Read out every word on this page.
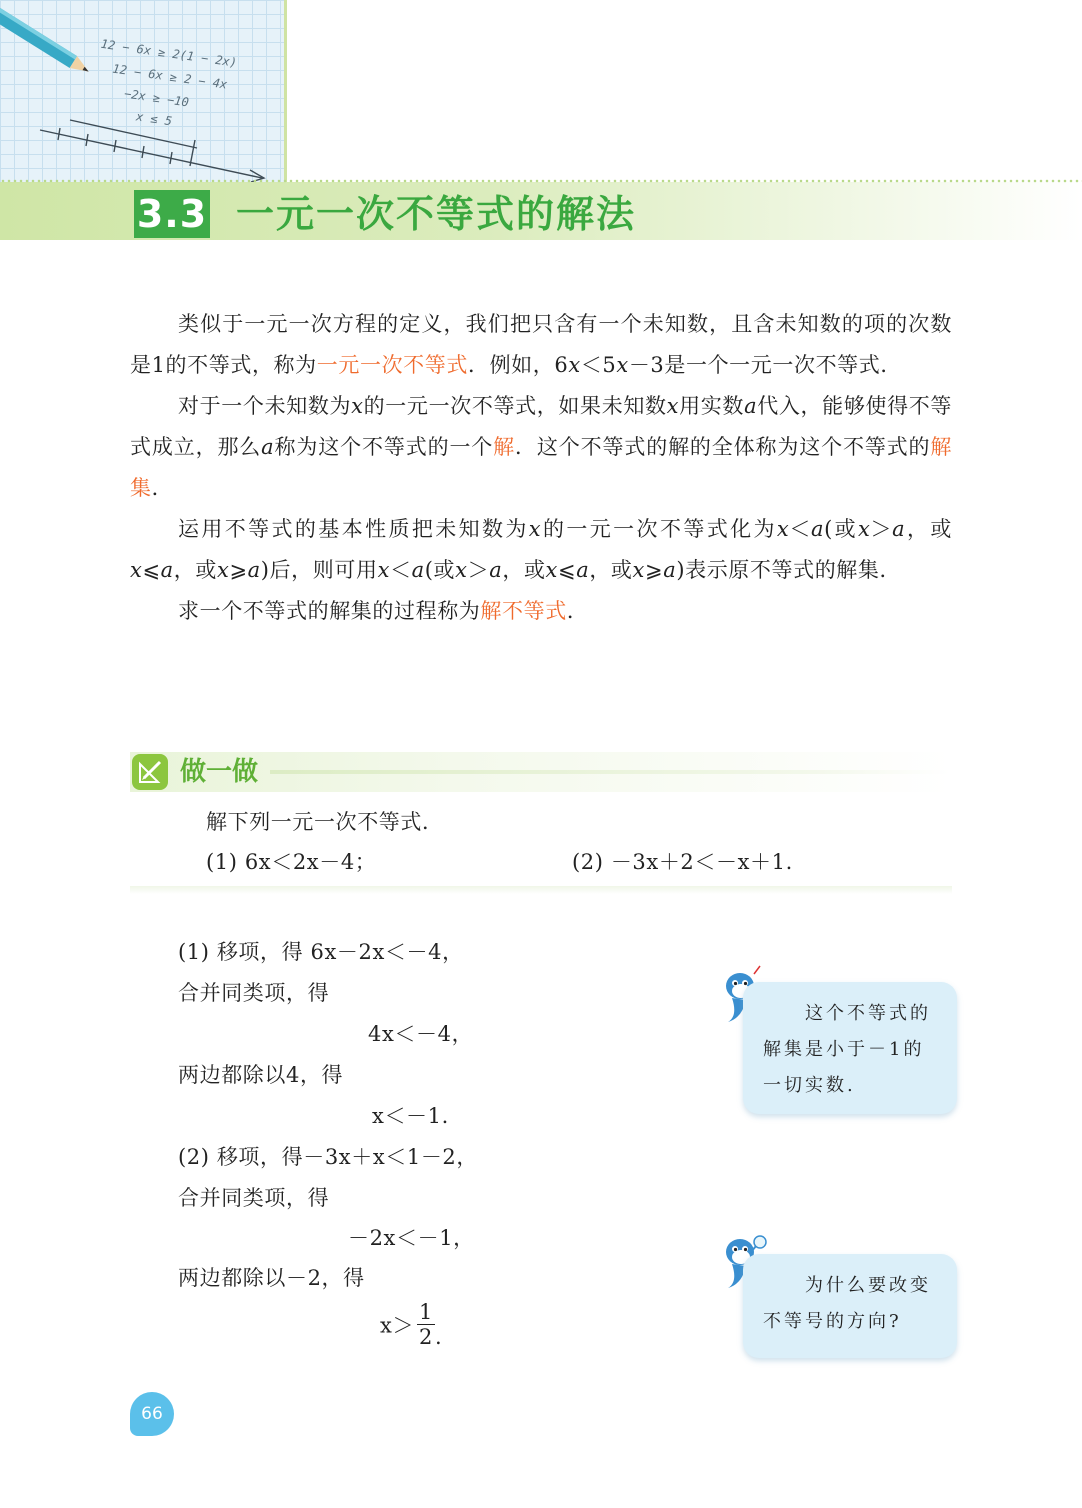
12 − 6x ≥ 2(1 − 2x)
12 − 6x ≥ 2 − 4x
−2x ≥ −10
x ≤ 5
3.3 一元一次不等式的解法

类似于一元一次方程的定义，我们把只含有一个未知数，且含未知数的项的次数是1的不等式，称为一元一次不等式．例如，6x＜5x－3是一个一元一次不等式．

对于一个未知数为x的一元一次不等式，如果未知数x用实数a代入，能够使得不等式成立，那么a称为这个不等式的一个解．这个不等式的解的全体称为这个不等式的解集．

运用不等式的基本性质把未知数为x的一元一次不等式化为x＜a(或x＞a，或x⩽a，或x⩾a)后，则可用x＜a(或x＞a，或x⩽a，或x⩾a)表示原不等式的解集．

求一个不等式的解集的过程称为解不等式．

做一做
解下列一元一次不等式．
(1) 6x＜2x－4；	(2) －3x＋2＜－x＋1.
(1) 移项，得 6x－2x＜－4，
合并同类项，得
4x＜－4，
两边都除以4，得
x＜－1.
(2) 移项，得－3x＋x＜1－2，
合并同类项，得
－2x＜－1，
两边都除以－2，得
$x> \frac{1}{2}$ .
这个不等式的
解集是小于－1的
一切实数.
为什么要改变
不等号的方向?
66
